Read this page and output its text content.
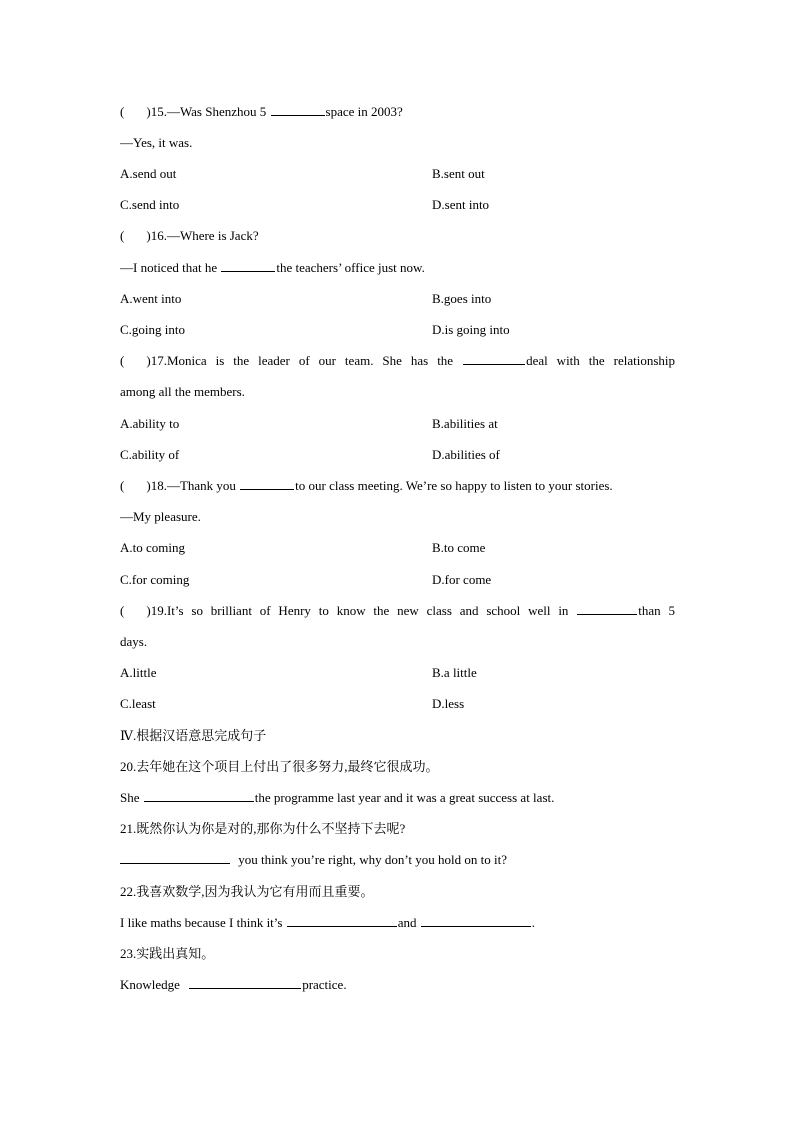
( )15.—Was Shenzhou 5	space in 2003?
—Yes, it was.
A.send out	B.sent out
C.send into	D.sent into
( )16.—Where is Jack?
—I noticed that he	the teachers’ office just now.
A.went into	B.goes into
C.going into	D.is going into
( )17.Monica is the leader of our team. She has the	deal with the relationship
among all the members.
A.ability to	B.abilities at
C.ability of	D.abilities of
( )18.—Thank you	to our class meeting. We’re so happy to listen to your stories.
—My pleasure.
A.to coming	B.to come
C.for coming	D.for come
( )19.It’s so brilliant of Henry to know the new class and school well in	than 5
days.
A.little	B.a little
C.least	D.less
Ⅳ.根据汉语意思完成句子
20.去年她在这个项目上付出了很多努力,最终它很成功。
She	the programme last year and it was a great success at last.
21.既然你认为你是对的,那你为什么不坚持下去呢?
you think you’re right, why don’t you hold on to it?
22.我喜欢数学,因为我认为它有用而且重要。
I like maths because I think it’s	and	.
23.实践出真知。
Knowledge	practice.
